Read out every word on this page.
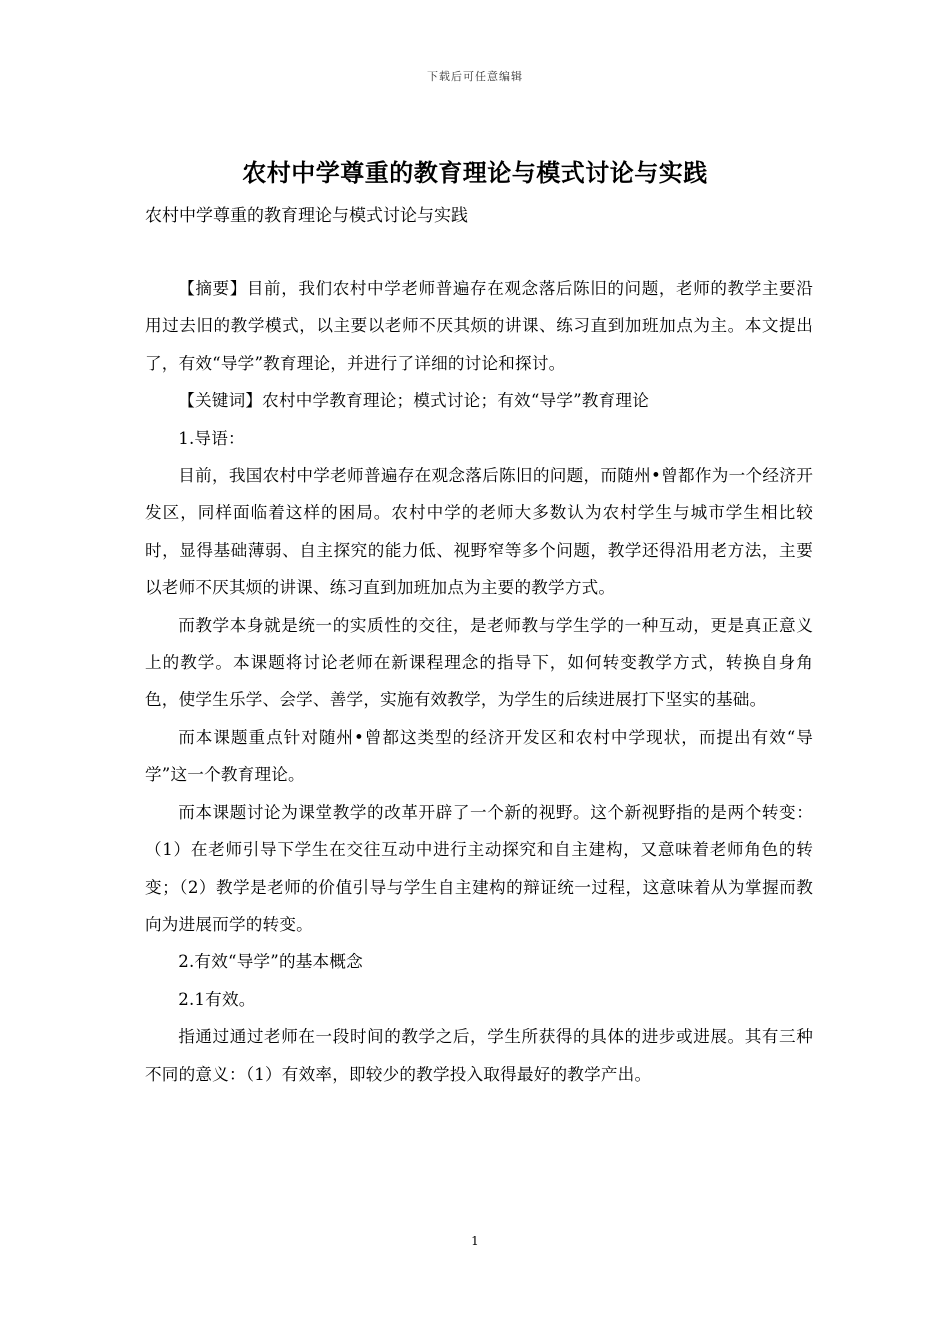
下载后可任意编辑
农村中学尊重的教育理论与模式讨论与实践
农村中学尊重的教育理论与模式讨论与实践

【摘要】目前，我们农村中学老师普遍存在观念落后陈旧的问题，老师的教学主要沿用过去旧的教学模式，以主要以老师不厌其烦的讲课、练习直到加班加点为主。本文提出了，有效“导学”教育理论，并进行了详细的讨论和探讨。

【关键词】农村中学教育理论；模式讨论；有效“导学”教育理论

1.导语：

目前，我国农村中学老师普遍存在观念落后陈旧的问题，而随州•曾都作为一个经济开发区，同样面临着这样的困局。农村中学的老师大多数认为农村学生与城市学生相比较时，显得基础薄弱、自主探究的能力低、视野窄等多个问题，教学还得沿用老方法，主要以老师不厌其烦的讲课、练习直到加班加点为主要的教学方式。

而教学本身就是统一的实质性的交往，是老师教与学生学的一种互动，更是真正意义上的教学。本课题将讨论老师在新课程理念的指导下，如何转变教学方式，转换自身角色，使学生乐学、会学、善学，实施有效教学，为学生的后续进展打下坚实的基础。

而本课题重点针对随州•曾都这类型的经济开发区和农村中学现状，而提出有效“导学”这一个教育理论。

而本课题讨论为课堂教学的改革开辟了一个新的视野。这个新视野指的是两个转变：（1）在老师引导下学生在交往互动中进行主动探究和自主建构，又意味着老师角色的转变；（2）教学是老师的价值引导与学生自主建构的辩证统一过程，这意味着从为掌握而教向为进展而学的转变。

2.有效“导学”的基本概念

2.1有效。

指通过通过老师在一段时间的教学之后，学生所获得的具体的进步或进展。其有三种不同的意义：（1）有效率，即较少的教学投入取得最好的教学产出。

1
